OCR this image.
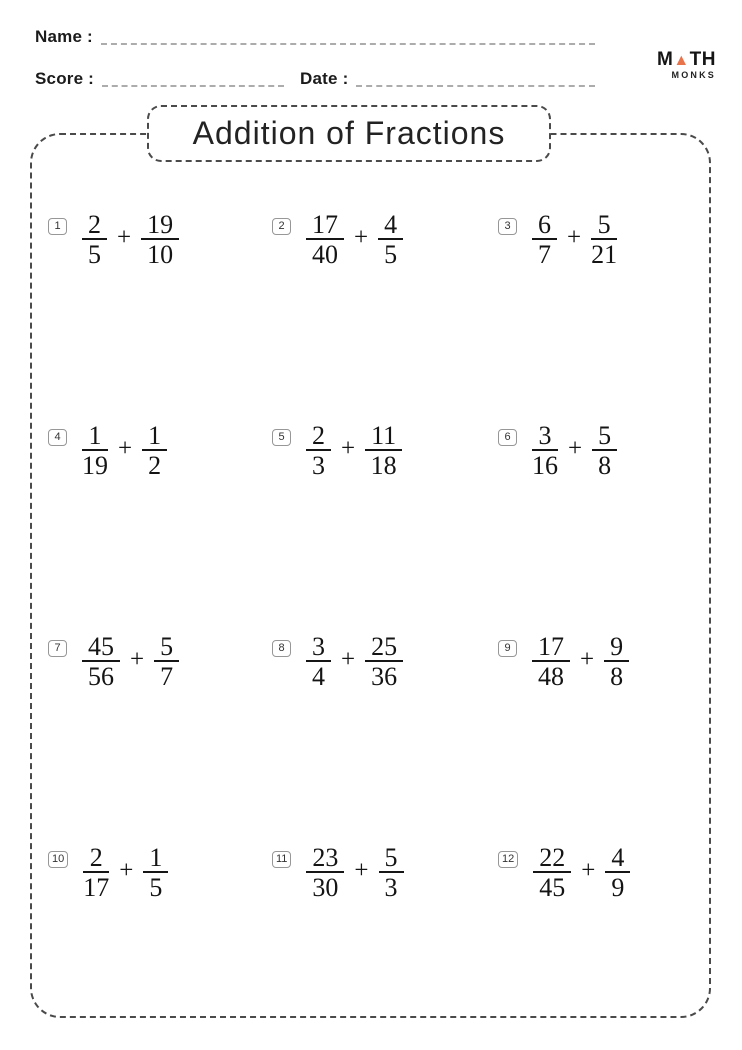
Name :
Score :	Date :
M▲TH
MONKS
Addition of Fractions
$1 \frac{2}{5} + \frac{19}{10}$	$2 \frac{17}{40} + \frac{4}{5}$	$3 \frac{6}{7} + \frac{5}{21}$
$4 \frac{1}{19} + \frac{1}{2}$	$5 \frac{2}{3} + \frac{11}{18}$	$6 \frac{3}{16} + \frac{5}{8}$
$7 \frac{45}{56} + \frac{5}{7}$	$8 \frac{3}{4} + \frac{25}{36}$	$9 \frac{17}{48} + \frac{9}{8}$
$10 \frac{2}{17} + \frac{1}{5}$	$11 \frac{23}{30} + \frac{5}{3}$	$12 \frac{22}{45} + \frac{4}{9}$
